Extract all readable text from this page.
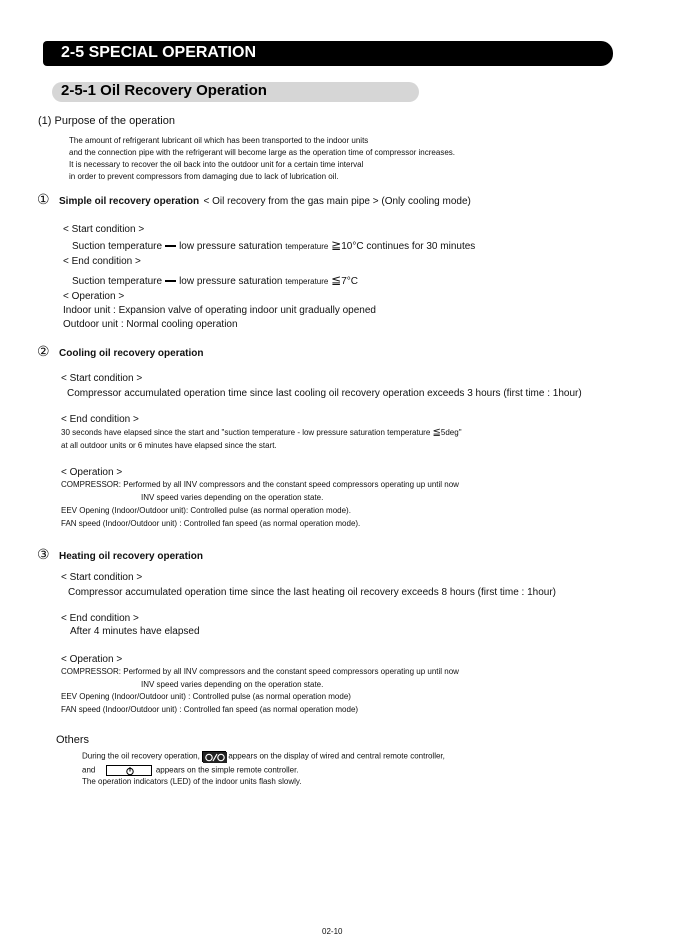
2-5 SPECIAL OPERATION
2-5-1 Oil Recovery Operation
(1) Purpose of the operation
The amount of refrigerant lubricant oil which has been transported to the indoor units
and the connection pipe with the refrigerant will become large as the operation time of compressor increases.
It is necessary to recover the oil back into the outdoor unit for a certain time interval
in order to prevent compressors from damaging due to lack of lubrication oil.
① Simple oil recovery operation < Oil recovery from the gas main pipe > (Only cooling mode)
< Start condition >
Suction temperature low pressure saturation temperature ≧10°C continues for 30 minutes
< End condition >
Suction temperature low pressure saturation temperature ≦7°C
< Operation >
Indoor unit : Expansion valve of operating indoor unit gradually opened
Outdoor unit : Normal cooling operation
② Cooling oil recovery operation
< Start condition >
Compressor accumulated operation time since last cooling oil recovery operation exceeds 3 hours (first time : 1hour)
< End condition >
30 seconds have elapsed since the start and "suction temperature - low pressure saturation temperature ≦5deg"
at all outdoor units or 6 minutes have elapsed since the start.
< Operation >
COMPRESSOR: Performed by all INV compressors and the constant speed compressors operating up until now
INV speed varies depending on the operation state.
EEV Opening (Indoor/Outdoor unit): Controlled pulse (as normal operation mode).
FAN speed (Indoor/Outdoor unit) : Controlled fan speed (as normal operation mode).
③ Heating oil recovery operation
< Start condition >
Compressor accumulated operation time since the last heating oil recovery exceeds 8 hours (first time : 1hour)
< End condition >
After 4 minutes have elapsed
< Operation >
COMPRESSOR: Performed by all INV compressors and the constant speed compressors operating up until now
INV speed varies depending on the operation state.
EEV Opening (Indoor/Outdoor unit) : Controlled pulse (as normal operation mode)
FAN speed (Indoor/Outdoor unit) : Controlled fan speed (as normal operation mode)
Others
During the oil recovery operation,	appears on the display of wired and central remote controller,
and	appears on the simple remote controller.
The operation indicators (LED) of the indoor units flash slowly.
02-10
